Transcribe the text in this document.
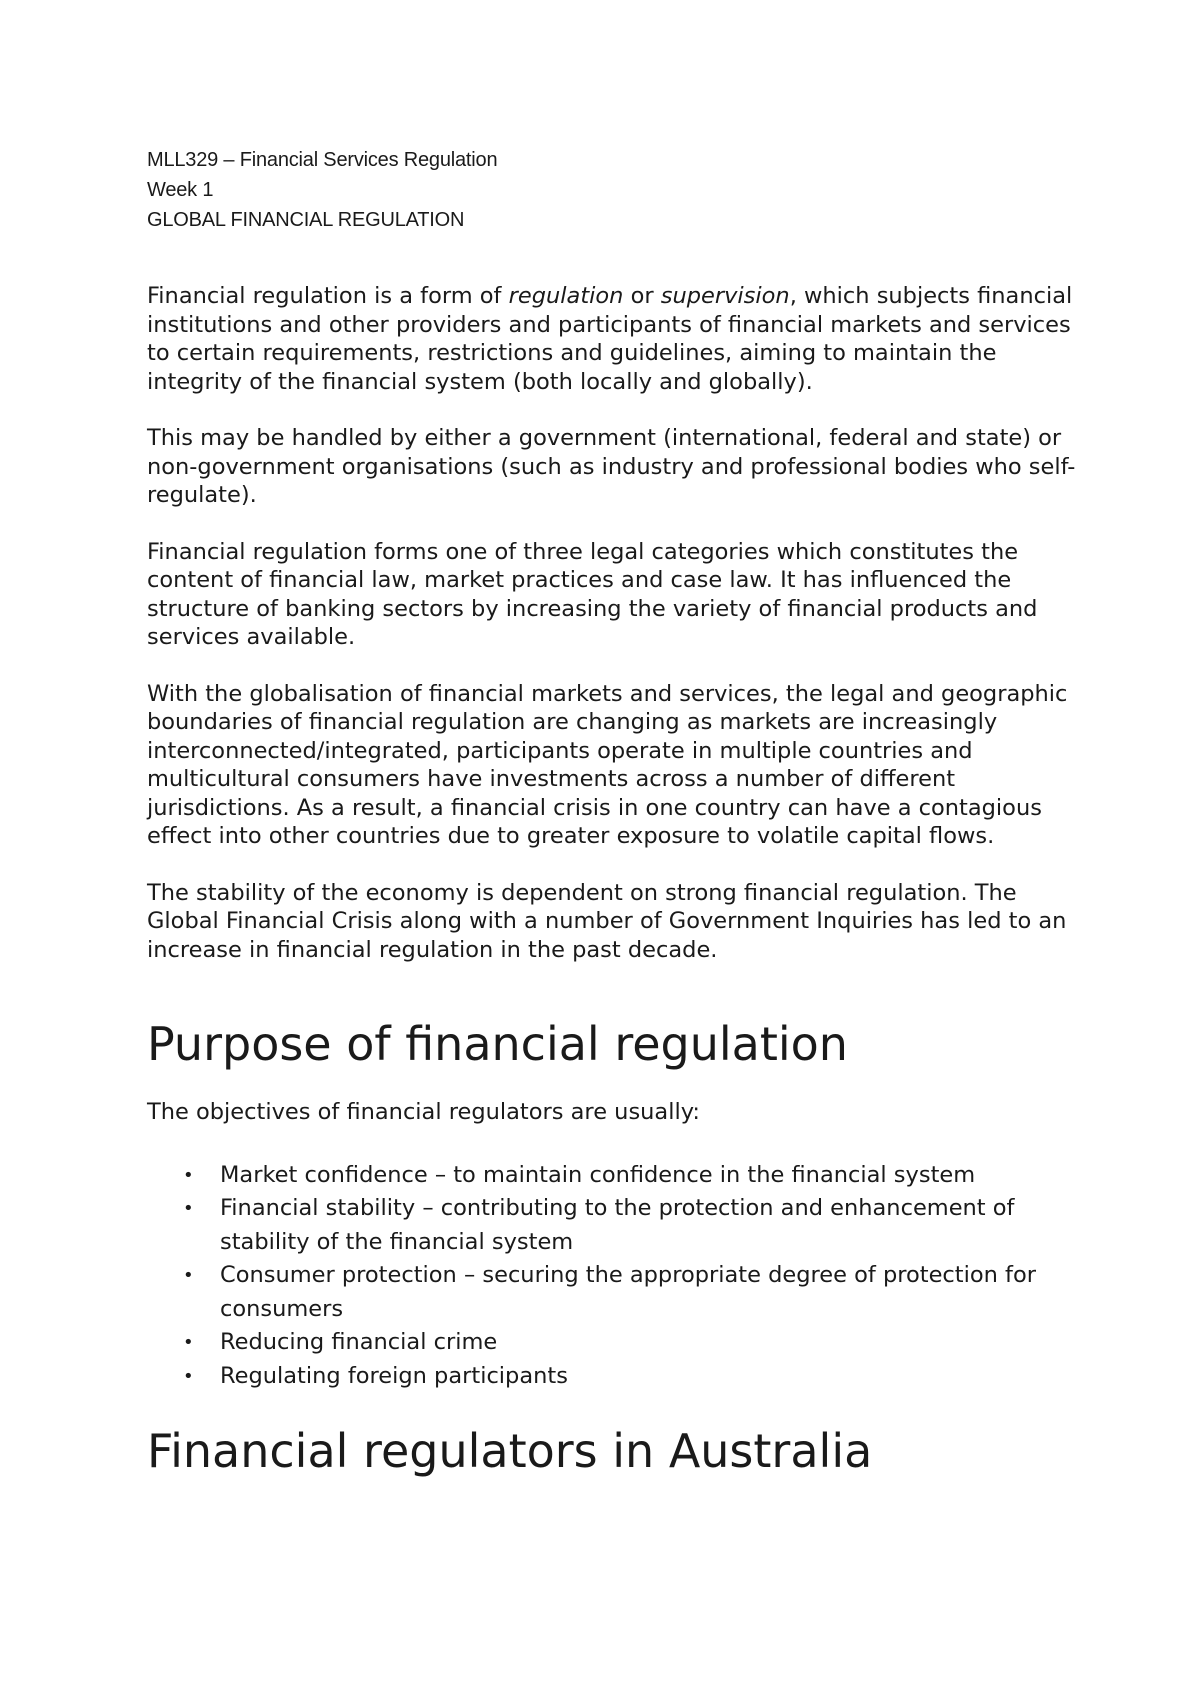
MLL329 – Financial Services Regulation

Week 1

GLOBAL FINANCIAL REGULATION

Financial regulation is a form of regulation or supervision, which subjects financial institutions and other providers and participants of financial markets and services to certain requirements, restrictions and guidelines, aiming to maintain the integrity of the financial system (both locally and globally).

This may be handled by either a government (international, federal and state) or non-government organisations (such as industry and professional bodies who self-regulate).

Financial regulation forms one of three legal categories which constitutes the content of financial law, market practices and case law. It has influenced the structure of banking sectors by increasing the variety of financial products and services available.

With the globalisation of financial markets and services, the legal and geographic boundaries of financial regulation are changing as markets are increasingly interconnected/integrated, participants operate in multiple countries and multicultural consumers have investments across a number of different jurisdictions. As a result, a financial crisis in one country can have a contagious effect into other countries due to greater exposure to volatile capital flows.

The stability of the economy is dependent on strong financial regulation. The Global Financial Crisis along with a number of Government Inquiries has led to an increase in financial regulation in the past decade.

Purpose of financial regulation

The objectives of financial regulators are usually:

• Market confidence – to maintain confidence in the financial system
• Financial stability – contributing to the protection and enhancement of stability of the financial system
• Consumer protection – securing the appropriate degree of protection for consumers
• Reducing financial crime
• Regulating foreign participants
Financial regulators in Australia
